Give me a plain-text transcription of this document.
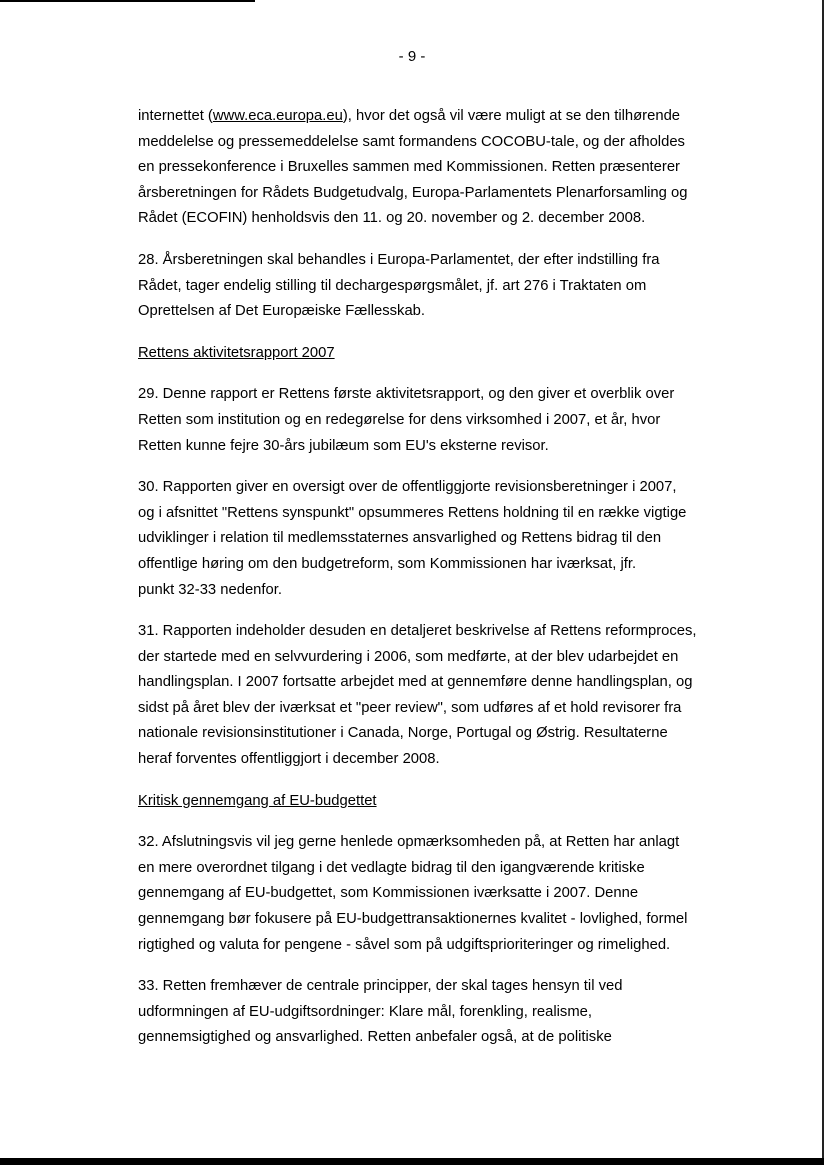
- 9 -

internettet (www.eca.europa.eu), hvor det også vil være muligt at se den tilhørende
meddelelse og pressemeddelelse samt formandens COCOBU-tale, og der afholdes
en pressekonference i Bruxelles sammen med Kommissionen. Retten præsenterer
årsberetningen for Rådets Budgetudvalg, Europa-Parlamentets Plenarforsamling og
Rådet (ECOFIN) henholdsvis den 11. og 20. november og 2. december 2008.

28. Årsberetningen skal behandles i Europa-Parlamentet, der efter indstilling fra
Rådet, tager endelig stilling til dechargespørgsmålet, jf. art 276 i Traktaten om
Oprettelsen af Det Europæiske Fællesskab.

Rettens aktivitetsrapport 2007

29. Denne rapport er Rettens første aktivitetsrapport, og den giver et overblik over
Retten som institution og en redegørelse for dens virksomhed i 2007, et år, hvor
Retten kunne fejre 30-års jubilæum som EU's eksterne revisor.

30. Rapporten giver en oversigt over de offentliggjorte revisionsberetninger i 2007,
og i afsnittet "Rettens synspunkt" opsummeres Rettens holdning til en række vigtige
udviklinger i relation til medlemsstaternes ansvarlighed og Rettens bidrag til den
offentlige høring om den budgetreform, som Kommissionen har iværksat, jfr.
punkt 32-33 nedenfor.

31. Rapporten indeholder desuden en detaljeret beskrivelse af Rettens reformproces,
der startede med en selvvurdering i 2006, som medførte, at der blev udarbejdet en
handlingsplan. I 2007 fortsatte arbejdet med at gennemføre denne handlingsplan, og
sidst på året blev der iværksat et "peer review", som udføres af et hold revisorer fra
nationale revisionsinstitutioner i Canada, Norge, Portugal og Østrig. Resultaterne
heraf forventes offentliggjort i december 2008.

Kritisk gennemgang af EU-budgettet

32. Afslutningsvis vil jeg gerne henlede opmærksomheden på, at Retten har anlagt
en mere overordnet tilgang i det vedlagte bidrag til den igangværende kritiske
gennemgang af EU-budgettet, som Kommissionen iværksatte i 2007. Denne
gennemgang bør fokusere på EU-budgettransaktionernes kvalitet - lovlighed, formel
rigtighed og valuta for pengene - såvel som på udgiftsprioriteringer og rimelighed.

33. Retten fremhæver de centrale principper, der skal tages hensyn til ved
udformningen af EU-udgiftsordninger: Klare mål, forenkling, realisme,
gennemsigtighed og ansvarlighed. Retten anbefaler også, at de politiske
